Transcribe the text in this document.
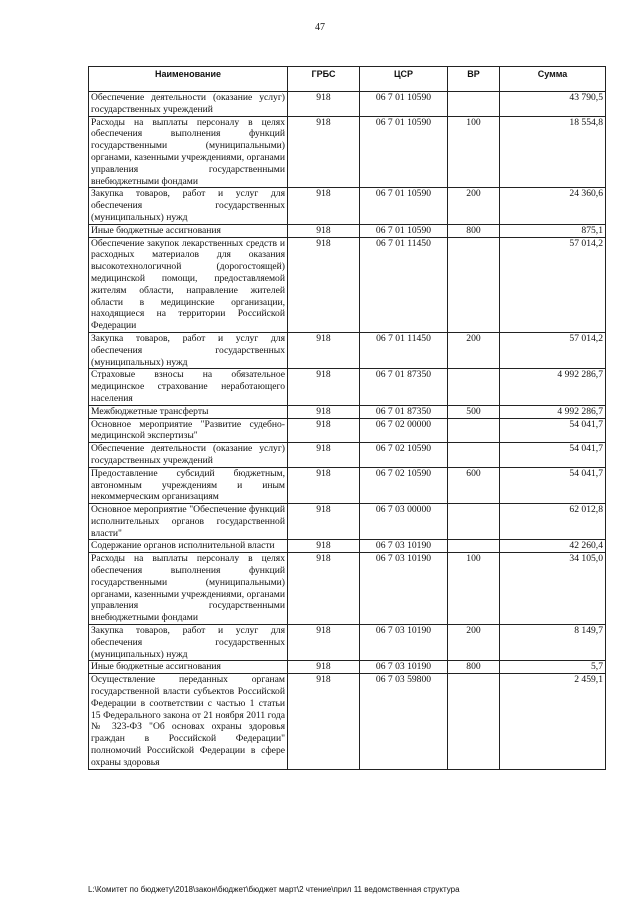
47
Наименование	ГРБС	ЦСР	ВР	Сумма
Обеспечение деятельности (оказание услуг) государственных учреждений	918	06 7 01 10590		43 790,5
Расходы на выплаты персоналу в целях обеспечения выполнения функций государственными (муниципальными) органами, казенными учреждениями, органами управления государственными внебюджетными фондами	918	06 7 01 10590	100	18 554,8
Закупка товаров, работ и услуг для обеспечения государственных (муниципальных) нужд	918	06 7 01 10590	200	24 360,6
Иные бюджетные ассигнования	918	06 7 01 10590	800	875,1
Обеспечение закупок лекарственных средств и расходных материалов для оказания высокотехнологичной (дорогостоящей) медицинской помощи, предоставляемой жителям области, направление жителей области в медицинские организации, находящиеся на территории Российской Федерации	918	06 7 01 11450		57 014,2
Закупка товаров, работ и услуг для обеспечения государственных (муниципальных) нужд	918	06 7 01 11450	200	57 014,2
Страховые взносы на обязательное медицинское страхование неработающего населения	918	06 7 01 87350		4 992 286,7
Межбюджетные трансферты	918	06 7 01 87350	500	4 992 286,7
Основное мероприятие "Развитие судебно-медицинской экспертизы"	918	06 7 02 00000		54 041,7
Обеспечение деятельности (оказание услуг) государственных учреждений	918	06 7 02 10590		54 041,7
Предоставление субсидий бюджетным, автономным учреждениям и иным некоммерческим организациям	918	06 7 02 10590	600	54 041,7
Основное мероприятие "Обеспечение функций исполнительных органов государственной власти"	918	06 7 03 00000		62 012,8
Содержание органов исполнительной власти	918	06 7 03 10190		42 260,4
Расходы на выплаты персоналу в целях обеспечения выполнения функций государственными (муниципальными) органами, казенными учреждениями, органами управления государственными внебюджетными фондами	918	06 7 03 10190	100	34 105,0
Закупка товаров, работ и услуг для обеспечения государственных (муниципальных) нужд	918	06 7 03 10190	200	8 149,7
Иные бюджетные ассигнования	918	06 7 03 10190	800	5,7
Осуществление переданных органам государственной власти субъектов Российской Федерации в соответствии с частью 1 статьи 15 Федерального закона от 21 ноября 2011 года № 323-ФЗ "Об основах охраны здоровья граждан в Российской Федерации" полномочий Российской Федерации в сфере охраны здоровья	918	06 7 03 59800		2 459,1
L:\Комитет по бюджету\2018\закон\бюджет\бюджет март\2 чтение\прил 11 ведомственная структура
